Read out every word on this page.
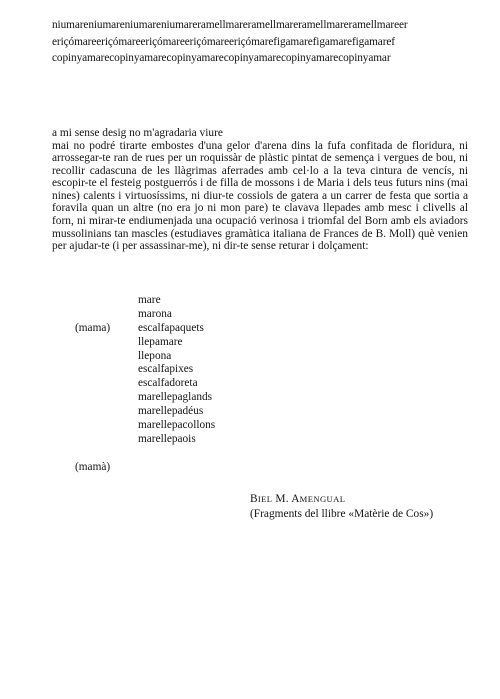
niumareniumareniumareniumareramellmareramellmareramellmareramellmareer
eriçómareeriçómareeriçómareeriçómareeriçómarefigamarefigamarefigamaref
copinyamarecopinyamarecopinyamarecopinyamarecopinyamarecopinyamar
a mi sense desig no m'agradaria viure

mai no podré tirarte embostes d'una gelor d'arena dins la fufa confitada de floridura, ni arrossegar-te ran de rues per un roquissàr de plàstic pintat de semença i vergues de bou, ni recollir cadascuna de les llàgrimas aferrades amb cel·lo a la teva cintura de vencís, ni escopir-te el festeig postguerrós i de filla de mossons i de Maria i dels teus futurs nins (mai nines) calents i virtuosíssims, ni diur-te cossiols de gatera a un carrer de festa que sortia a foravila quan un altre (no era jo ni mon pare) te clavava llepades amb mesc i clivells al forn, ni mirar-te endiumenjada una ocupació verinosa i triomfal del Born amb els aviadors mussolinians tan mascles (estudiaves gramàtica italiana de Frances de B. Moll) què venien per ajudar-te (i per assassinar-me), ni dir-te sense returar i dolçament:

mare
marona
(mama) escalfapaquets
llepamare
llepona
escalfapixes
escalfadoreta
marellepaglands
marellepadéus
marellepacollons
marellepaois
(mamà)
BIEL M. AMENGUAL
(Fragments del llibre «Matèrie de Cos»)
